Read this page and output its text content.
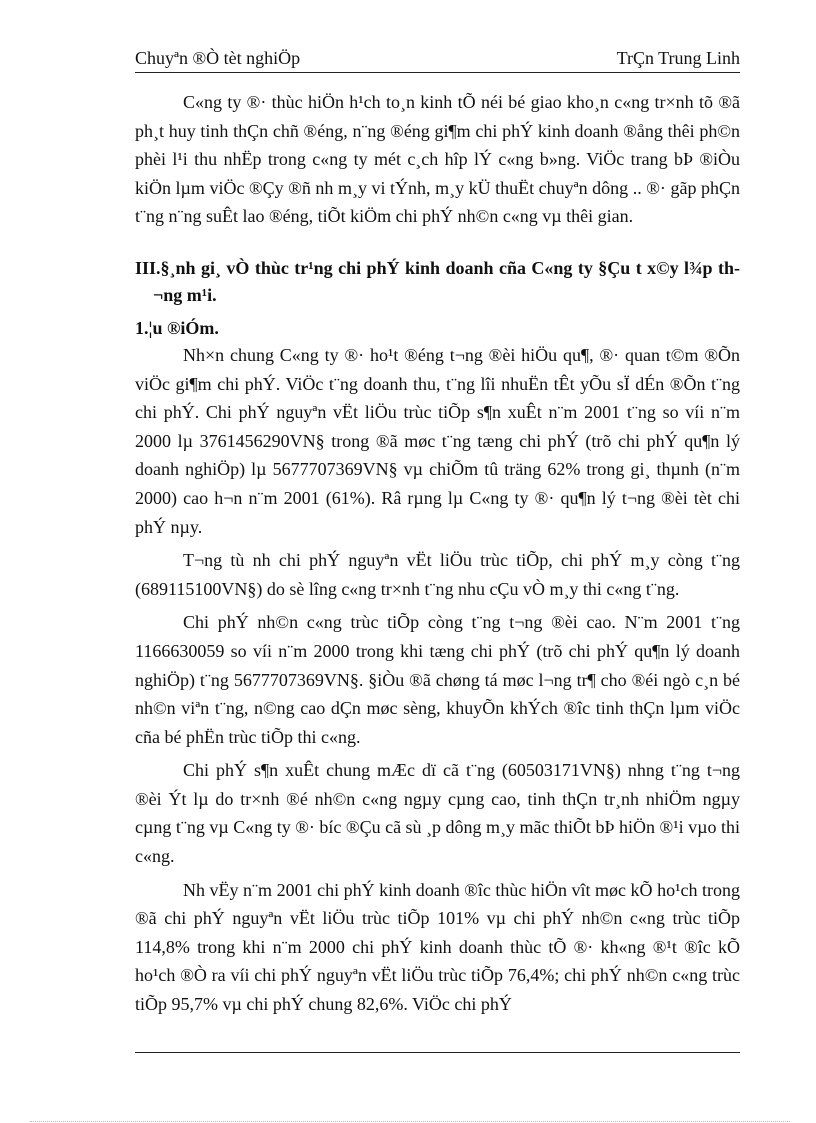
Chuyªn ®Ò tèt nghiÖp	TrÇn Trung Linh

C«ng ty ®· thùc hiÖn h¹ch to¸n kinh tÕ néi bé giao kho¸n c«ng tr×nh tõ ®ã ph¸t huy tinh thÇn chñ ®éng, n¨ng ®éng gi¶m chi phÝ kinh doanh ®ång thêi ph©n phèi l¹i thu nhËp trong c«ng ty mét c¸ch hîp lÝ c«ng b»ng. ViÖc trang bÞ ®iÒu kiÖn lµm viÖc ®Çy ®ñ nh m¸y vi tÝnh, m¸y kÜ thuËt chuyªn dông .. ®· gãp phÇn t¨ng n¨ng suÊt lao ®éng, tiÕt kiÖm chi phÝ nh©n c«ng vµ thêi gian.

III.§¸nh gi¸ vÒ thùc tr¹ng chi phÝ kinh doanh cña C«ng ty §Çu t x©y l¾p th¬ng m¹i.

1.¦u ®iÓm.

Nh×n chung C«ng ty ®· ho¹t ®éng t¬ng ®èi hiÖu qu¶, ®· quan t©m ®Õn viÖc gi¶m chi phÝ. ViÖc t¨ng doanh thu, t¨ng lîi nhuËn tÊt yÕu sÏ dÉn ®Õn t¨ng chi phÝ. Chi phÝ nguyªn vËt liÖu trùc tiÕp s¶n xuÊt n¨m 2001 t¨ng so víi n¨m 2000 lµ 3761456290VN§ trong ®ã møc t¨ng tæng chi phÝ (trõ chi phÝ qu¶n lý doanh nghiÖp) lµ 5677707369VN§ vµ chiÕm tû träng 62% trong gi¸ thµnh (n¨m 2000) cao h¬n n¨m 2001 (61%). Râ rµng lµ C«ng ty ®· qu¶n lý t¬ng ®èi tèt chi phÝ nµy.

T¬ng tù nh chi phÝ nguyªn vËt liÖu trùc tiÕp, chi phÝ m¸y còng t¨ng (689115100VN§) do sè lîng c«ng tr×nh t¨ng nhu cÇu vÒ m¸y thi c«ng t¨ng.

Chi phÝ nh©n c«ng trùc tiÕp còng t¨ng t¬ng ®èi cao. N¨m 2001 t¨ng 1166630059 so víi n¨m 2000 trong khi tæng chi phÝ (trõ chi phÝ qu¶n lý doanh nghiÖp) t¨ng 5677707369VN§. §iÒu ®ã chøng tá møc l¬ng tr¶ cho ®éi ngò c¸n bé nh©n viªn t¨ng, n©ng cao dÇn møc sèng, khuyÕn khÝch ®îc tinh thÇn lµm viÖc cña bé phËn trùc tiÕp thi c«ng.

Chi phÝ s¶n xuÊt chung mÆc dï cã t¨ng (60503171VN§) nhng t¨ng t¬ng ®èi Ýt lµ do tr×nh ®é nh©n c«ng ngµy cµng cao, tinh thÇn tr¸nh nhiÖm ngµy cµng t¨ng vµ C«ng ty ®· bíc ®Çu cã sù ¸p dông m¸y mãc thiÕt bÞ hiÖn ®¹i vµo thi c«ng.

Nh vËy n¨m 2001 chi phÝ kinh doanh ®îc thùc hiÖn vît møc kÕ ho¹ch trong ®ã chi phÝ nguyªn vËt liÖu trùc tiÕp 101% vµ chi phÝ nh©n c«ng trùc tiÕp 114,8% trong khi n¨m 2000 chi phÝ kinh doanh thùc tÕ ®· kh«ng ®¹t ®îc kÕ ho¹ch ®Ò ra víi chi phÝ nguyªn vËt liÖu trùc tiÕp 76,4%; chi phÝ nh©n c«ng trùc tiÕp 95,7% vµ chi phÝ chung 82,6%. ViÖc chi phÝ
